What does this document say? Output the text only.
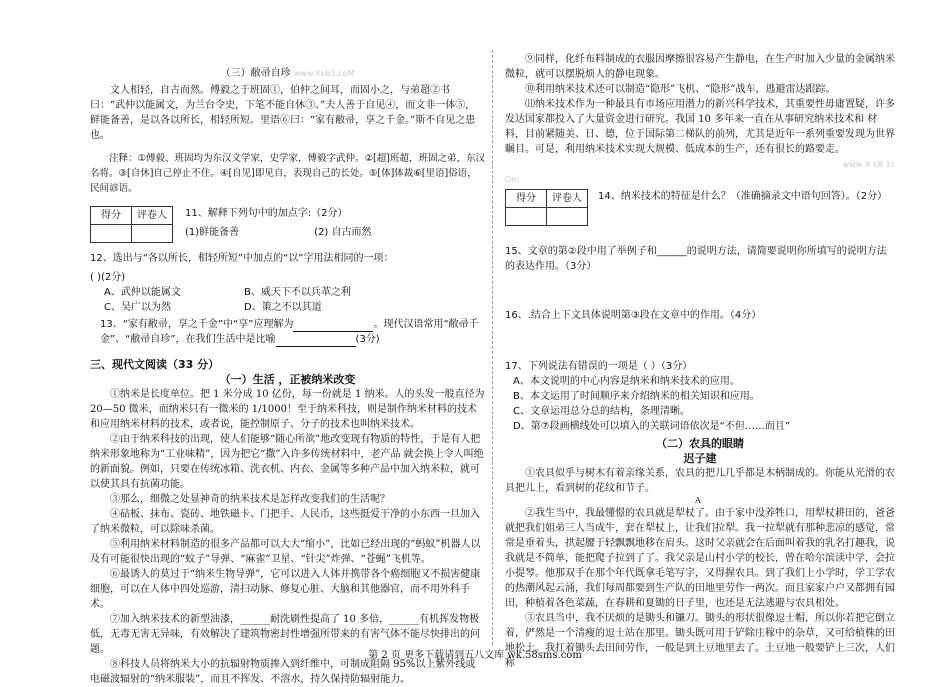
（三）敝帚自珍 www.Xkb1.coM

文人相轻，自古而然。傅毅之于班固①，伯仲之间耳，而固小之，与弟超②书曰：“武仲以能属文，为兰台令史，下笔不能自休③。”夫人善于自见④，而文非一体⑤，鲜能备善，是以各以所长，相轻所短。里语⑥曰：“家有敝帚，享之千金。”斯不自见之患也。

注释：①傅毅、班固均为东汉文学家，史学家，傅毅字武仲。②[超]班超，班固之弟，东汉名将。③[自休]自己停止不住。④[自见]即见自，表现自己的长处。⑤[体]体裁⑥[里语]俗语，民间谚语。

得分	评卷人
	11、解释下列句中的加点字:（2分）

(1)鲜能备善	(2) 自古而然

12、选出与“各以所长，相轻所短”中加点的“以”字用法相同的一项：

( )(2分)

A、武仲以能属文	B、威天下不以兵革之利

C、吴广以为然	D、策之不以其道

13、“家有敝帚，享之千金”中“享”应理解为	。现代汉语常用“敝帚千金”、“敝帚自珍”，在我们生活中是比喻	(3分)

三、现代文阅读（33 分）

（一）生活 ，正被纳米改变

①纳米是长度单位。把 1 米分成 10 亿份，每一份就是 1 纳米。人的头发一般直径为 20—50 微米，而纳米只有一微米的 1/1000！至于纳米科技，则是制作纳米材料的技术和应用纳米材料的技术，或者说，能控制原子、分子的技术也叫纳米技术。

②由于纳米科技的出现，使人们能够“随心所欲”地改变现有物质的特性，于是有人把纳米形象地称为“工业味精”，因为把它“撒”入许多传统材料中，老产品 就会换上令人叫绝的新面貌。例如，只要在传统冰箱、洗衣机、内衣、金属等多种产品中加入纳米粒，就可以使其具有抗菌功能。

③那么，细微之处显神奇的纳米技术是怎样改变我们的生活呢？

④砧板、抹布、瓷砖、地铁磁卡、门把手、人民币，这些挺爱干净的小东西一旦加入了纳米微粒，可以除味杀菌。

⑤利用纳米材料制造的很多产品都可以大大“缩小”，比如已经出现的“蚂蚁”机器人以及有可能很快出现的“蚊子”导弹、“麻雀”卫星、“针尖”炸弹、“苍蝇”飞机等。

⑥最诱人的莫过于“纳米生物导弹”，它可以进入人体并携带各个癌细胞又不损害健康细胞，可以在人体中四处巡游，清扫动脉、修复心脏、大脑和其他器官，而不用外科手术。

⑦加入纳米技术的新型油漆，______耐洗刷性提高了 10 多倍，______有机挥发物极低，无毒无害无异味，有效解决了建筑物密封性增强所带来的有害气体不能尽快排出的问题。

⑧科技人员将纳米大小的抗辐射物质掺入到纤维中，可制成阻隔 95%以上紫外线或电磁波辐射的“纳米服装”，而且不挥发、不溶水，持久保持防辐射能力。

⑨同样，化纤布料制成的衣服因摩擦很容易产生静电，在生产时加入少量的金属纳米微粒，就可以摆脱烦人的静电现象。

⑩利用纳米技术还可以制造“隐形”飞机、“隐形”战车，逃避雷达跟踪。

⑾纳米技术作为一种最具有市场应用潜力的新兴科学技术，其重要性毋庸置疑，许多发达国家都投入了大量资金进行研究。我国 10 多年来一直在从事研究纳米技术和 材料，目前紧随美、日、德，位于国际第二梯队的前列，尤其是近年一系列重要发现为世界瞩目。可是，利用纳米技术实现大规模、低成本的生产，还有很长的路要走。

www X kB 1c

Om

得分	评卷人
	14、纳米技术的特征是什么？（准确摘录文中语句回答）。（2分）

15、文章的第②段中用了举例子和______的说明方法，请简要说明你所填写的说明方法的表达作用。（3分）

16、.结合上下文具体说明第③段在文章中的作用。（4分）

17、下列说法有错误的一项是（ ）（3分）

A、本文说明的中心内容是纳米和纳米技术的应用。

B、本文运用了时间顺序来介绍纳米的相关知识和应用。

C、文章运用总分总的结构，条理清晰。

D、第⑦段画横线处可以填入的关联词语依次是“不但……而且”

（二）农具的眼睛

迟子建

①农具似乎与树木有着亲缘关系，农具的把儿几乎都是木柄制成的。你能从光滑的农具把儿上，看到树的花纹和节子。

A

②我生当中，我最懂憬的农具就是犁杖了。由于家中没养牲口，用犁杖耕田的，爸爸就把我们姐弟三人当成牛，套在犁杖上，让我们拉犁。我一拉犁就有那种悲凉的感觉，常常是垂着头，拱起腰于轻飘飘地移在肩头。这时父亲就会在后面叫着我的乳名打趣我，说我就是不简单，能把爬子拉到了了。我父亲是山村小学的校长，曾在哈尔滨读中学，会拉小提琴。他那双手在那个年代既拿毛笔写字，又得握农具。到了我们上小学时，学工学农的热潮风起云涌，我们每周都要到生产队的田地里劳作一两次。而且家家户户又都拥有园田，种植着各色菜蔬，在春耕和夏锄的日子里，也还是无法逃避与农具相处。

③农具当中，我不厌烦的是锄头和镰刀。锄头的形状很像逗士帽，所以你若把它倒立着，俨然是一个清瘦的逗士站在那里。锄头既可用于铲除庄稼中的杂草，又可给植株的田地松土。我扛着锄头去田间劳作，一般是到土豆地里去了。土豆地一般要铲上三次，人们称

第 2 页 更多下载请到五八文库 wk.58sms.com
